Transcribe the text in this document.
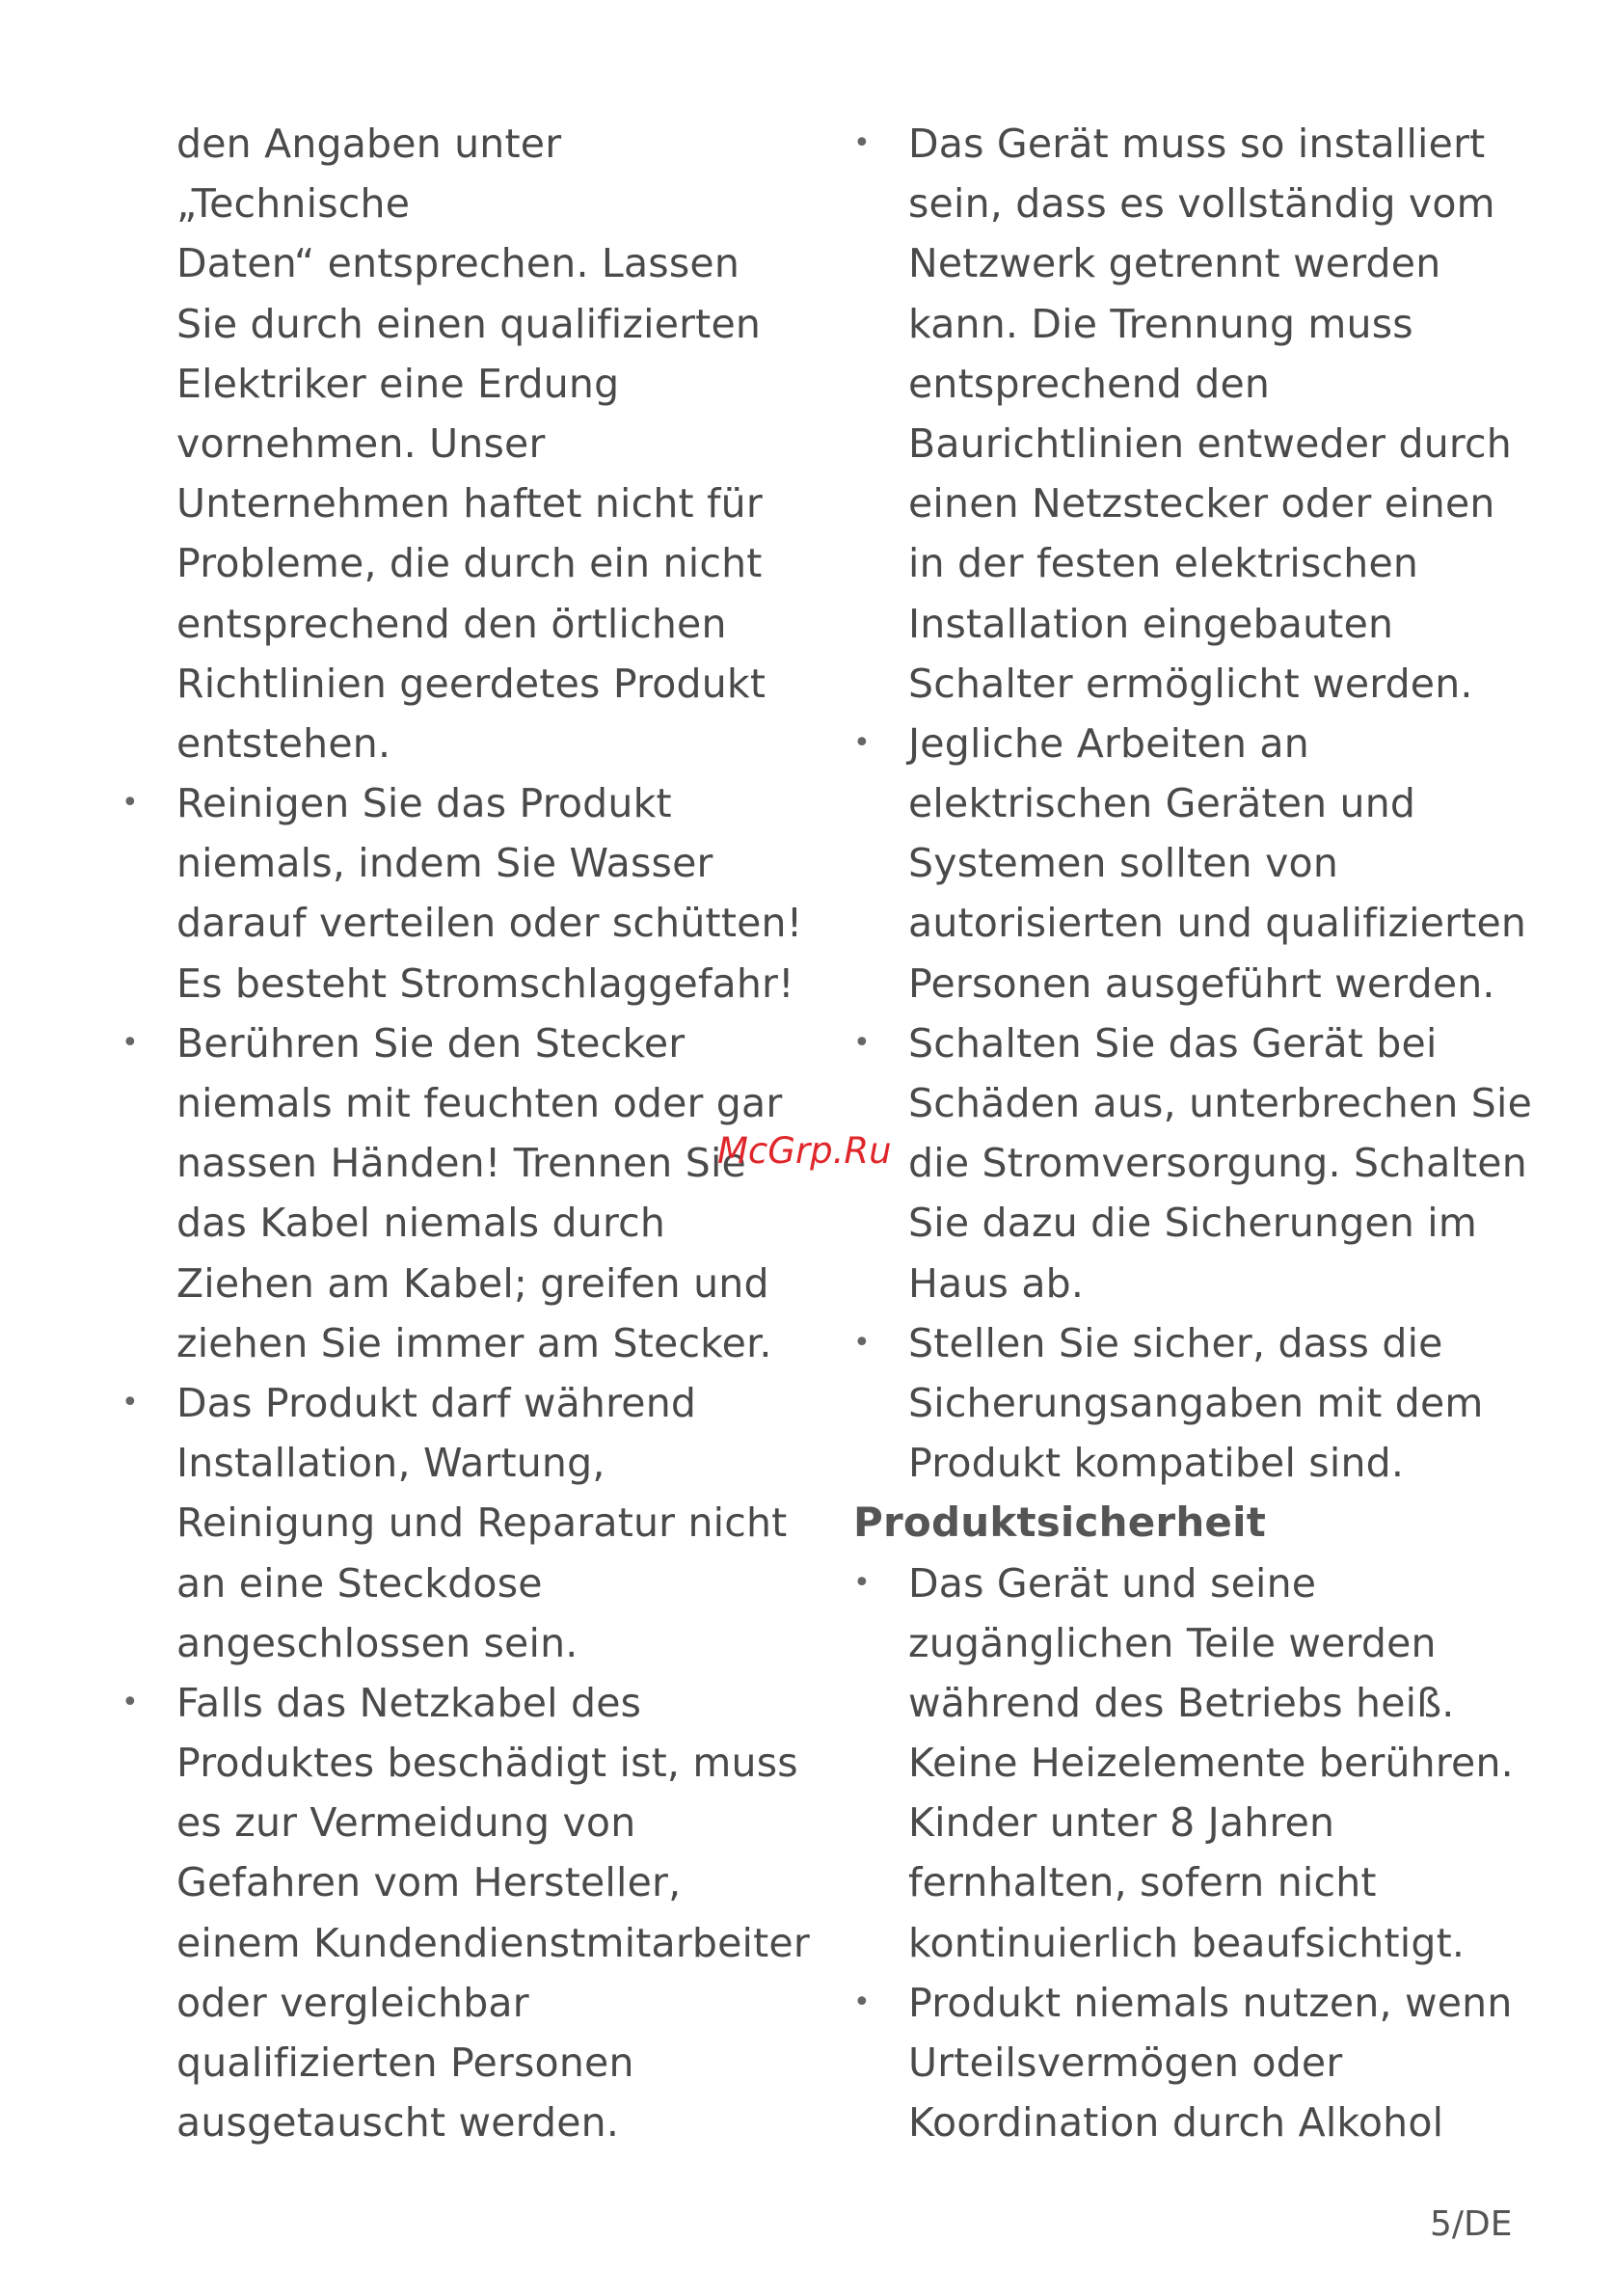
den Angaben unter
„Technische
Daten“ entsprechen. Lassen
Sie durch einen qualifizierten
Elektriker eine Erdung
vornehmen. Unser
Unternehmen haftet nicht für
Probleme, die durch ein nicht
entsprechend den örtlichen
Richtlinien geerdetes Produkt
entstehen.
• Reinigen Sie das Produkt
niemals, indem Sie Wasser
darauf verteilen oder schütten!
Es besteht Stromschlaggefahr!
• Berühren Sie den Stecker
niemals mit feuchten oder gar
nassen Händen! Trennen Sie
das Kabel niemals durch
Ziehen am Kabel; greifen und
ziehen Sie immer am Stecker.
• Das Produkt darf während
Installation, Wartung,
Reinigung und Reparatur nicht
an eine Steckdose
angeschlossen sein.
• Falls das Netzkabel des
Produktes beschädigt ist, muss
es zur Vermeidung von
Gefahren vom Hersteller,
einem Kundendienstmitarbeiter
oder vergleichbar
qualifizierten Personen
ausgetauscht werden.
• Das Gerät muss so installiert
sein, dass es vollständig vom
Netzwerk getrennt werden
kann. Die Trennung muss
entsprechend den
Baurichtlinien entweder durch
einen Netzstecker oder einen
in der festen elektrischen
Installation eingebauten
Schalter ermöglicht werden.
• Jegliche Arbeiten an
elektrischen Geräten und
Systemen sollten von
autorisierten und qualifizierten
Personen ausgeführt werden.
• Schalten Sie das Gerät bei
Schäden aus, unterbrechen Sie
die Stromversorgung. Schalten
Sie dazu die Sicherungen im
Haus ab.
• Stellen Sie sicher, dass die
Sicherungsangaben mit dem
Produkt kompatibel sind.
Produktsicherheit
• Das Gerät und seine
zugänglichen Teile werden
während des Betriebs heiß.
Keine Heizelemente berühren.
Kinder unter 8 Jahren
fernhalten, sofern nicht
kontinuierlich beaufsichtigt.
• Produkt niemals nutzen, wenn
Urteilsvermögen oder
Koordination durch Alkohol
McGrp.Ru
5/DE
